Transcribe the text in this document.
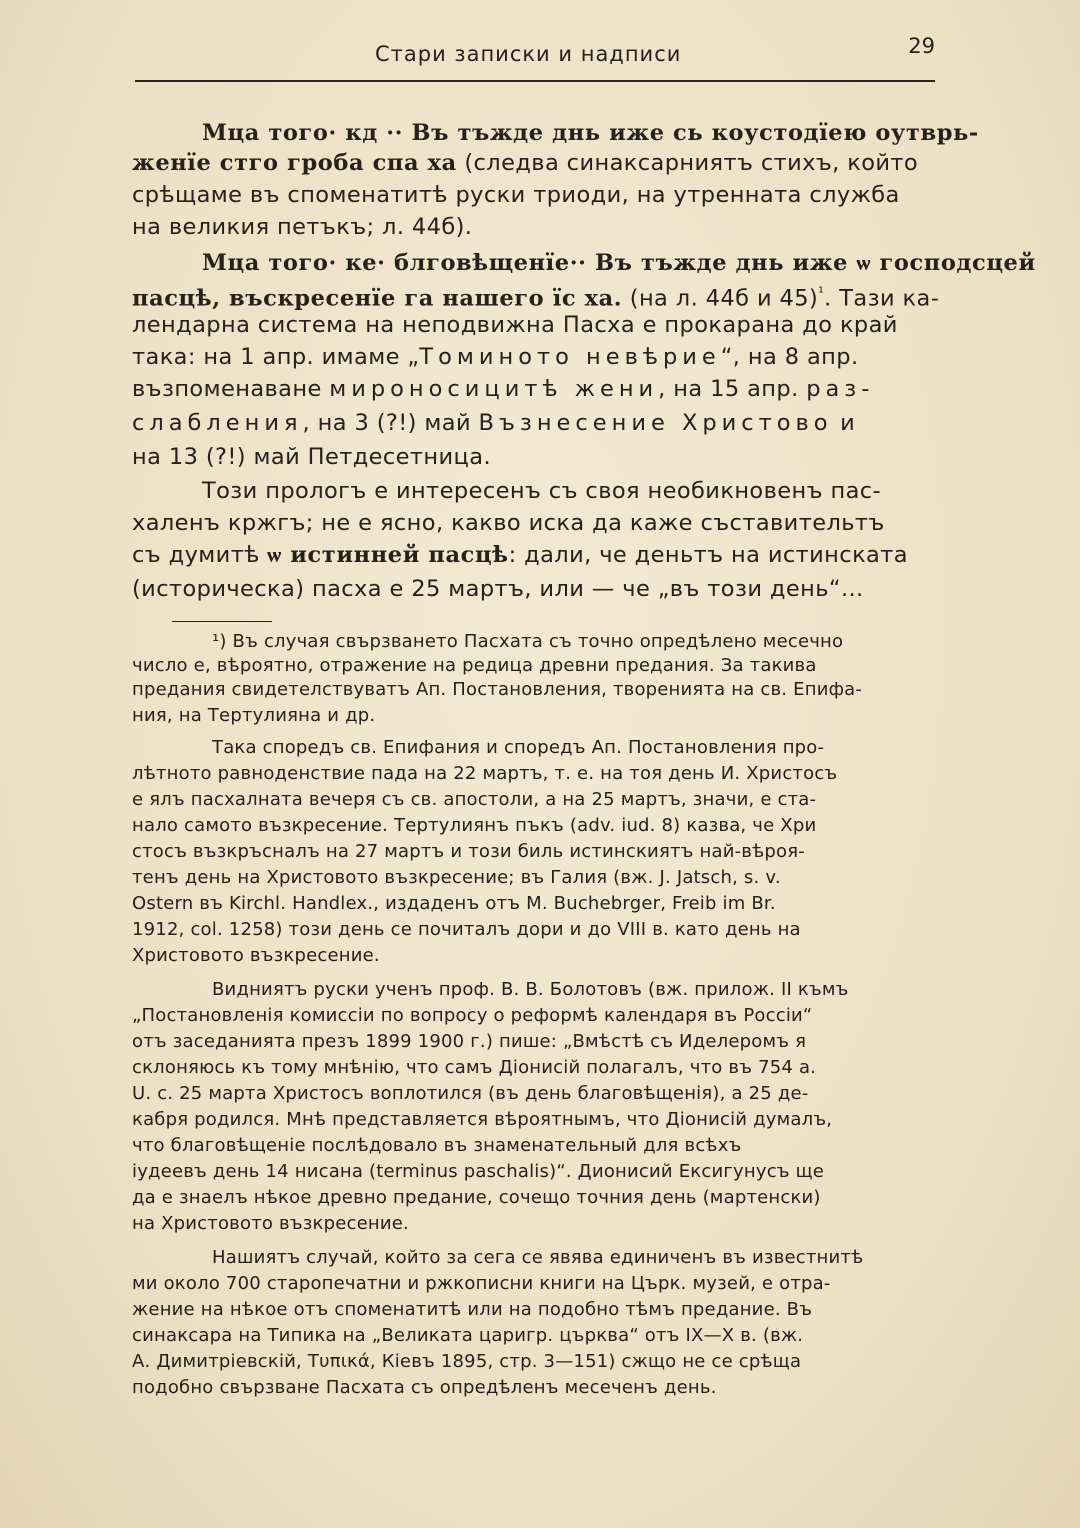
Стари записки и надписи	29
Мца того· кд ·· Въ тъжде днь иже сь коустодїею оутврь-
женїе стго гроба спа ха (следва синаксарниятъ стихъ, който
срѣщаме въ споменатитѣ руски триоди, на утренната служба
на великия петъкъ; л. 44б).
Мца того· ке· блговѣщенїе·· Въ тъжде днь иже ѡ господсцей
пасцѣ, въскресенїе га нашего їс ха. (на л. 44б и 45)$^{^1}$. Тази ка-
лендарна система на неподвижна Пасха е прокарана до край
така: на 1 апр. имаме „Томиното невѣрие“, на 8 апр.
възпоменаване мироносицитѣ жени, на 15 апр. раз-
слабления, на 3 (?!) май Възнесение Христово и
на 13 (?!) май Петдесетница.
Този прологъ е интересенъ съ своя необикновенъ пас-
халенъ кржгъ; не е ясно, какво иска да каже съставительтъ
съ думитѣ ѡ истинней пасцѣ: дали, че деньтъ на истинската
(историческа) пасха е 25 мартъ, или — че „въ този день“...
¹) Въ случая свързването Пасхата съ точно опредѣлено месечно
число е, вѣроятно, отражение на редица древни предания. За такива
предания свидетелствуватъ Ап. Постановления, творенията на св. Епифа-
ния, на Тертулияна и др.
Така споредъ св. Епифания и споредъ Ап. Постановления про-
лѣтното равноденствие пада на 22 мартъ, т. е. на тоя день И. Христосъ
е ялъ пасхалната вечеря съ св. апостоли, а на 25 мартъ, значи, е ста-
нало самото възкресение. Тертулиянъ пъкъ (adv. iud. 8) казва, че Хри
стосъ възкръсналъ на 27 мартъ и този биль истинскиятъ най-вѣроя-
тенъ день на Христовото възкресение; въ Галия (вж. J. Jatsch, s. v.
Ostern въ Kirchl. Handlex., издаденъ отъ M. Buchebrger, Freib im Br.
1912, col. 1258) този день се почиталъ дори и до VIII в. като день на
Христовото възкресение.
Видниятъ руски ученъ проф. В. В. Болотовъ (вж. прилож. II къмъ
„Постановленія комиссіи по вопросу о реформѣ календаря въ Россіи“
отъ заседанията презъ 1899 1900 г.) пише: „Вмѣстѣ съ Иделеромъ я
склоняюсь къ тому мнѣнію, что самъ Діонисій полагалъ, что въ 754 a.
U. с. 25 марта Христосъ воплотился (въ день благовѣщенія), а 25 де-
кабря родился. Мнѣ представляется вѣроятнымъ, что Діонисій думалъ,
что благовѣщеніе послѣдовало въ знаменательный для всѣхъ
іудеевъ день 14 нисана (terminus paschalis)“. Дионисий Ексигунусъ ще
да е знаелъ нѣкое древно предание, сочещо точния день (мартенски)
на Христовото възкресение.
Нашиятъ случай, който за сега се явява единиченъ въ известнитѣ
ми около 700 старопечатни и ржкописни книги на Църк. музей, е отра-
жение на нѣкое отъ споменатитѣ или на подобно тѣмъ предание. Въ
синаксара на Типика на „Великата царигр. църква“ отъ IX—X в. (вж.
А. Димитріевскій, Τυπικά, Кіевъ 1895, стр. 3—151) сжщо не се срѣща
подобно свързване Пасхата съ опредѣленъ месеченъ день.
